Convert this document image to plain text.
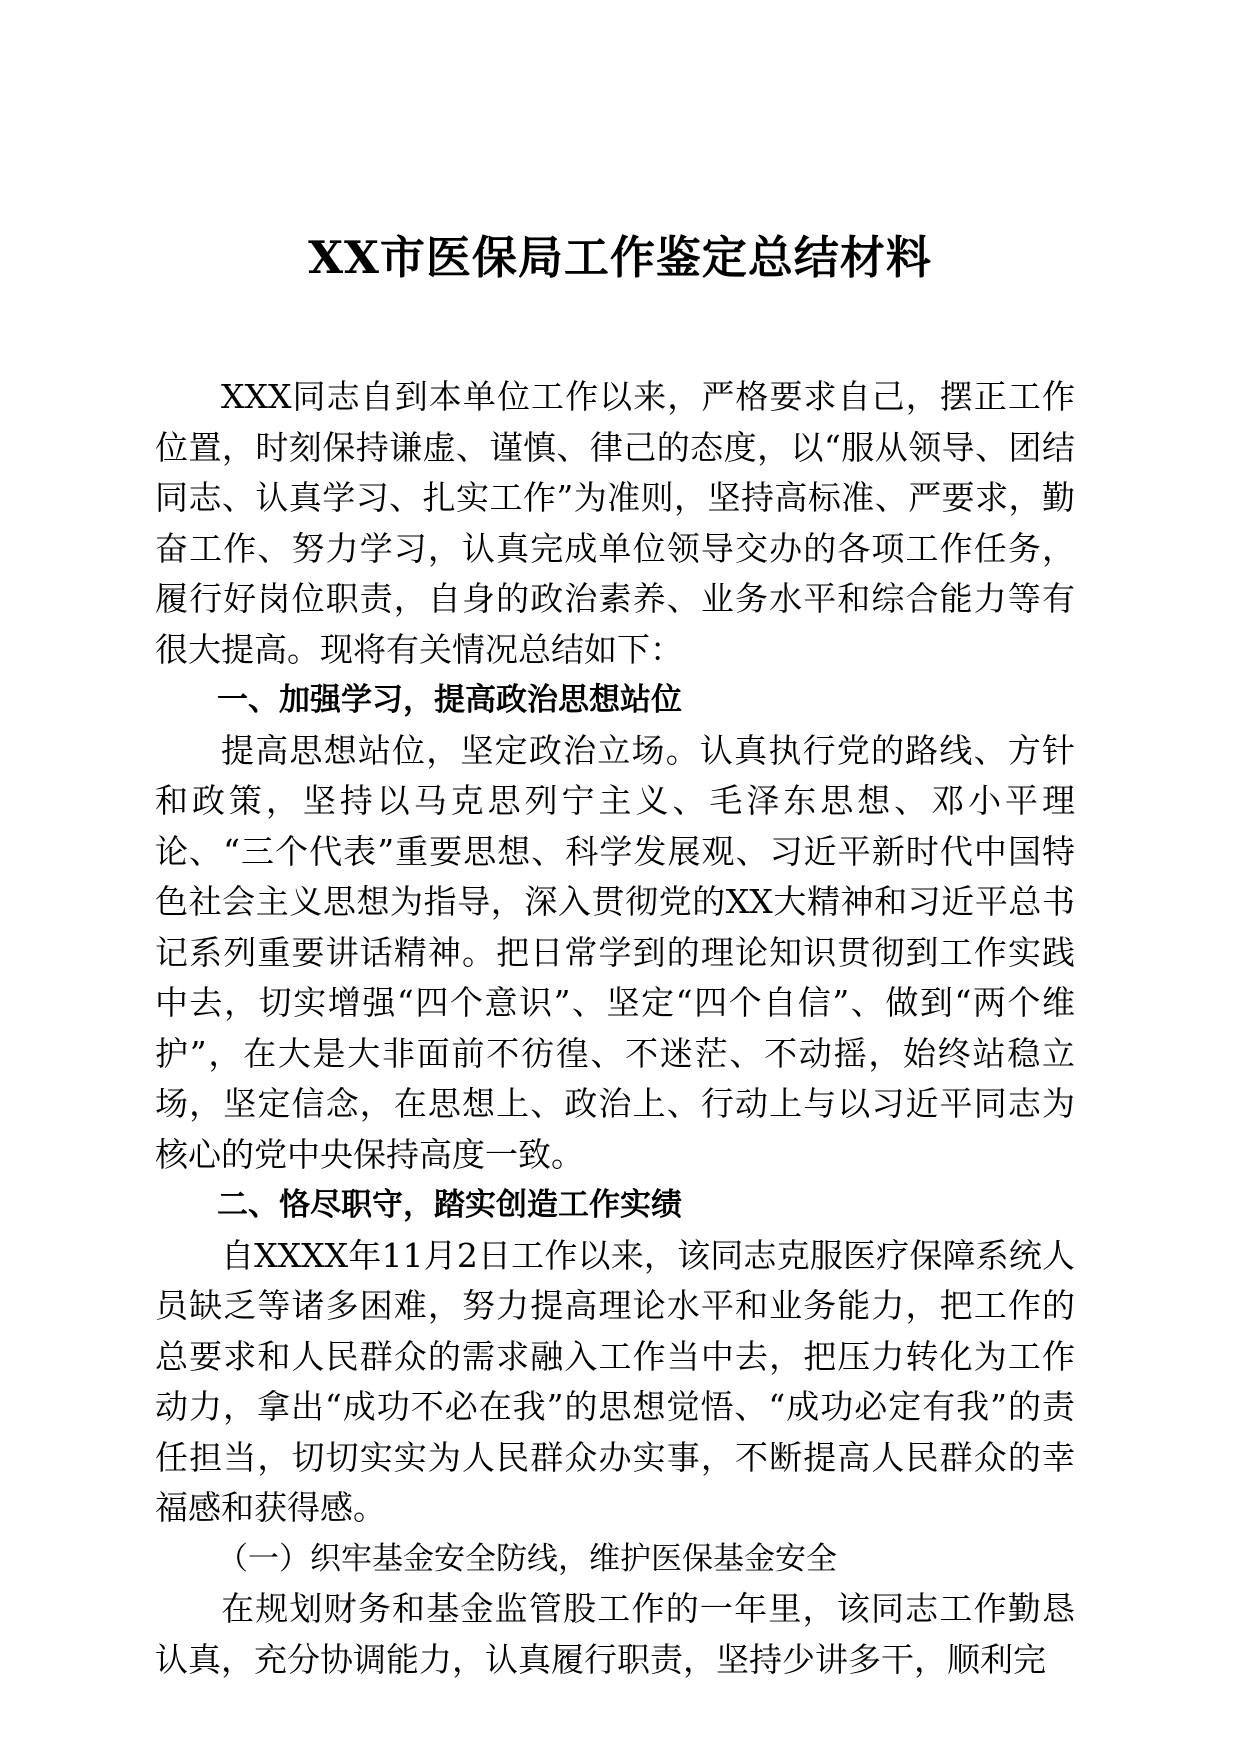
XX市医保局工作鉴定总结材料

XXX同志自到本单位工作以来，严格要求自己，摆正工作位置，时刻保持谦虚、谨慎、律己的态度，以“服从领导、团结同志、认真学习、扎实工作”为准则，坚持高标准、严要求，勤奋工作、努力学习，认真完成单位领导交办的各项工作任务，履行好岗位职责，自身的政治素养、业务水平和综合能力等有很大提高。现将有关情况总结如下：

一、加强学习，提高政治思想站位

提高思想站位，坚定政治立场。认真执行党的路线、方针和政策，坚持以马克思列宁主义、毛泽东思想、邓小平理论、“三个代表”重要思想、科学发展观、习近平新时代中国特色社会主义思想为指导，深入贯彻党的XX大精神和习近平总书记系列重要讲话精神。把日常学到的理论知识贯彻到工作实践中去，切实增强“四个意识”、坚定“四个自信”、做到“两个维护”，在大是大非面前不彷徨、不迷茫、不动摇，始终站稳立场，坚定信念，在思想上、政治上、行动上与以习近平同志为核心的党中央保持高度一致。

二、恪尽职守，踏实创造工作实绩

自XXXX年11月2日工作以来，该同志克服医疗保障系统人员缺乏等诸多困难，努力提高理论水平和业务能力，把工作的总要求和人民群众的需求融入工作当中去，把压力转化为工作动力，拿出“成功不必在我”的思想觉悟、“成功必定有我”的责任担当，切切实实为人民群众办实事，不断提高人民群众的幸福感和获得感。

（一）织牢基金安全防线，维护医保基金安全

在规划财务和基金监管股工作的一年里，该同志工作勤恳认真，充分协调能力，认真履行职责，坚持少讲多干，顺利完
